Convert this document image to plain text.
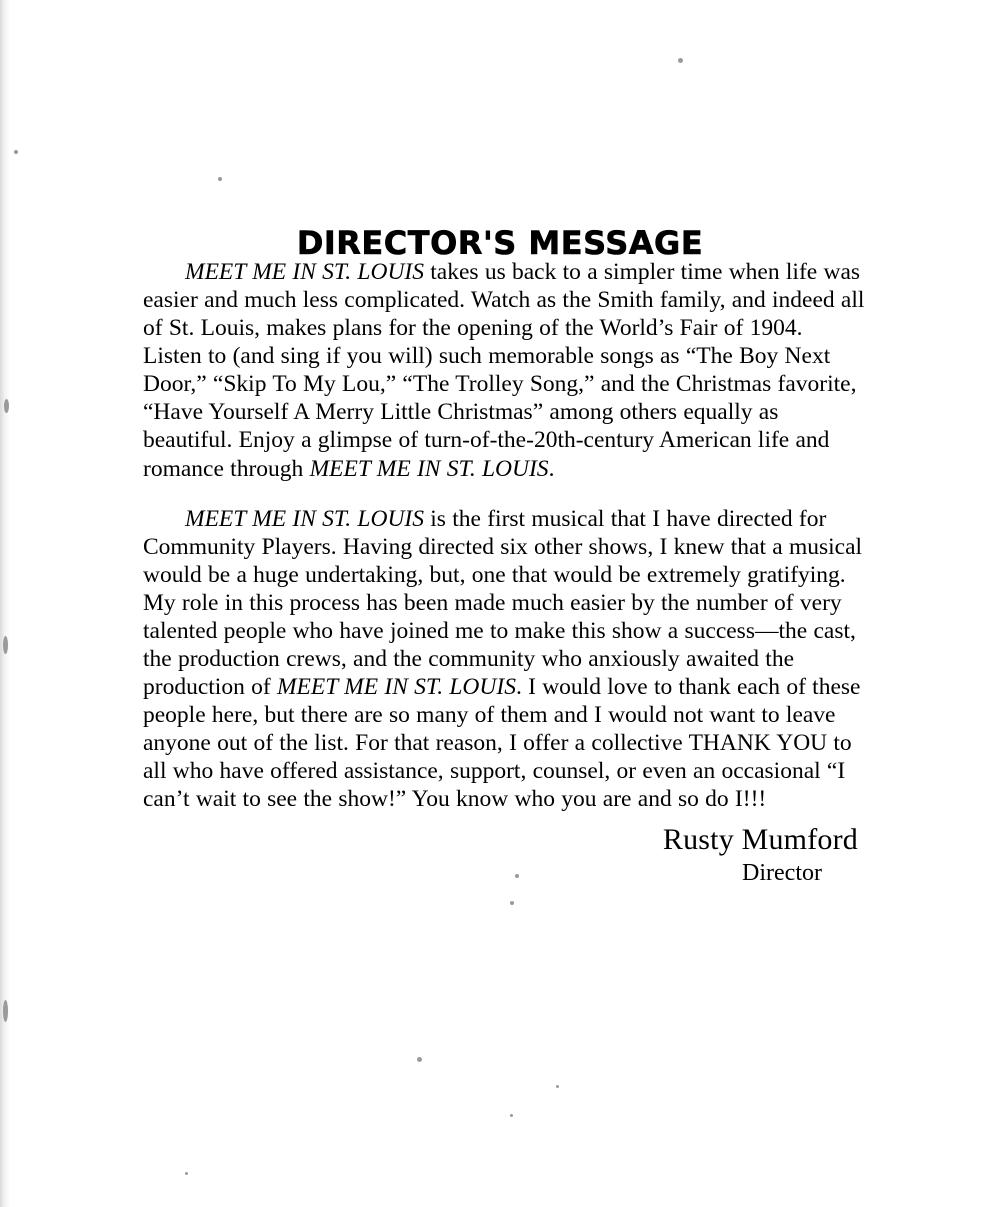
DIRECTOR'S MESSAGE

MEET ME IN ST. LOUIS takes us back to a simpler time when life was easier and much less complicated. Watch as the Smith family, and indeed all of St. Louis, makes plans for the opening of the World’s Fair of 1904. Listen to (and sing if you will) such memorable songs as “The Boy Next Door,” “Skip To My Lou,” “The Trolley Song,” and the Christmas favorite, “Have Yourself A Merry Little Christmas” among others equally as beautiful. Enjoy a glimpse of turn-of-the-20th-century American life and romance through MEET ME IN ST. LOUIS.

MEET ME IN ST. LOUIS is the first musical that I have directed for Community Players. Having directed six other shows, I knew that a musical would be a huge undertaking, but, one that would be extremely gratifying. My role in this process has been made much easier by the number of very talented people who have joined me to make this show a success—the cast, the production crews, and the community who anxiously awaited the production of MEET ME IN ST. LOUIS. I would love to thank each of these people here, but there are so many of them and I would not want to leave anyone out of the list. For that reason, I offer a collective THANK YOU to all who have offered assistance, support, counsel, or even an occasional “I can’t wait to see the show!” You know who you are and so do I!!!

Rusty Mumford
Director
